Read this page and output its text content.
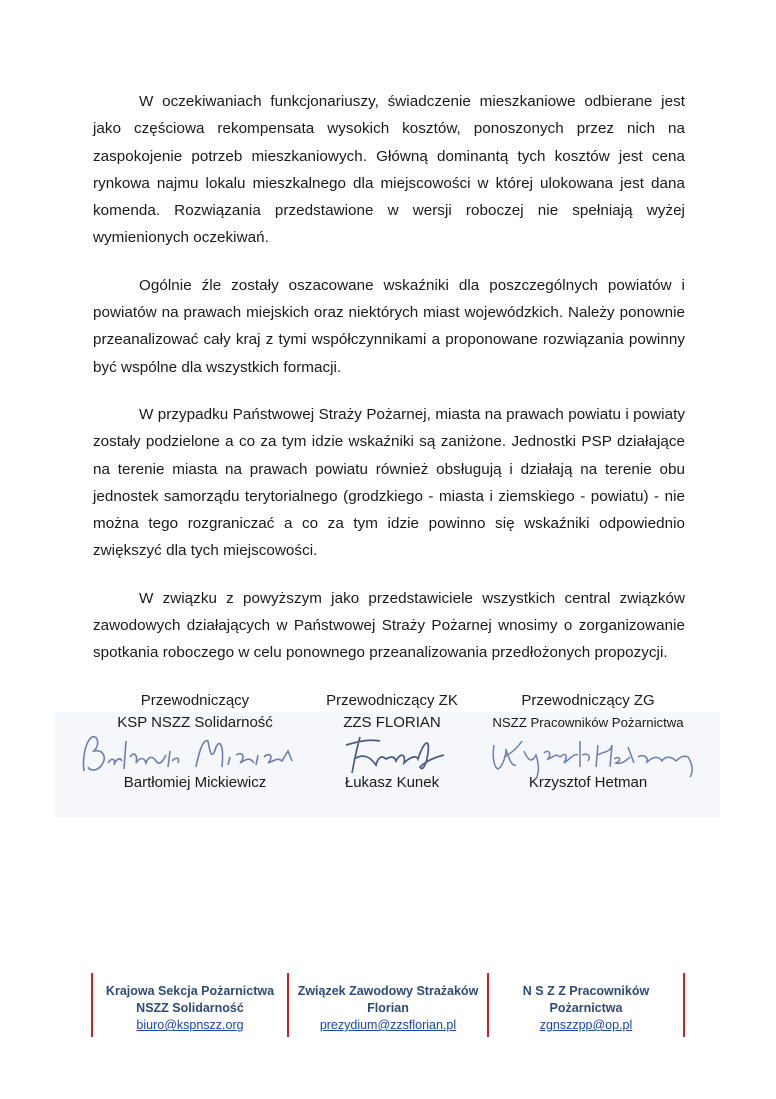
W oczekiwaniach funkcjonariuszy, świadczenie mieszkaniowe odbierane jest jako częściowa rekompensata wysokich kosztów, ponoszonych przez nich na zaspokojenie potrzeb mieszkaniowych. Główną dominantą tych kosztów jest cena rynkowa najmu lokalu mieszkalnego dla miejscowości w której ulokowana jest dana komenda. Rozwiązania przedstawione w wersji roboczej nie spełniają wyżej wymienionych oczekiwań.

Ogólnie źle zostały oszacowane wskaźniki dla poszczególnych powiatów i powiatów na prawach miejskich oraz niektórych miast wojewódzkich. Należy ponownie przeanalizować cały kraj z tymi współczynnikami a proponowane rozwiązania powinny być wspólne dla wszystkich formacji.

W przypadku Państwowej Straży Pożarnej, miasta na prawach powiatu i powiaty zostały podzielone a co za tym idzie wskaźniki są zaniżone. Jednostki PSP działające na terenie miasta na prawach powiatu również obsługują i działają na terenie obu jednostek samorządu terytorialnego (grodzkiego - miasta i ziemskiego - powiatu) - nie można tego rozgraniczać a co za tym idzie powinno się wskaźniki odpowiednio zwiększyć dla tych miejscowości.

W związku z powyższym jako przedstawiciele wszystkich central związków zawodowych działających w Państwowej Straży Pożarnej wnosimy o zorganizowanie spotkania roboczego w celu ponownego przeanalizowania przedłożonych propozycji.

Przewodniczący
KSP NSZZ Solidarność
Bartłomiej Mickiewicz
Przewodniczący ZK
ZZS FLORIAN
Łukasz Kunek
Przewodniczący ZG
NSZZ Pracowników Pożarnictwa
Krzysztof Hetman
Krajowa Sekcja Pożarnictwa
NSZZ Solidarność
biuro@kspnszz.org
Związek Zawodowy Strażaków
Florian
prezydium@zzsflorian.pl
N S Z Z Pracowników
Pożarnictwa
zgnszzpp@op.pl
